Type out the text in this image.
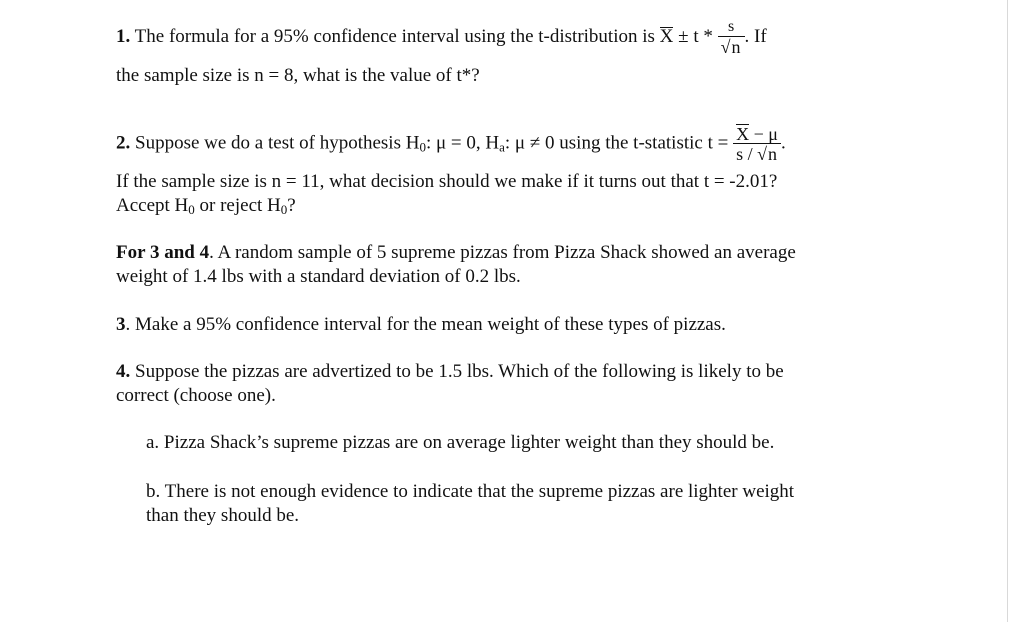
1. The formula for a 95% confidence interval using the t-distribution is $X \pm t * \frac{s}{√n}$ . If
the sample size is n = 8, what is the value of t*?
2. Suppose we do a test of hypothesis $H_0$: μ = 0, $H_a$: μ ≠ 0 using the t-statistic $t = \frac{X - \mu}{s / √n}$ .
If the sample size is n = 11, what decision should we make if it turns out that t = -2.01?
Accept $H_0$ or reject $H_0$?
For 3 and 4. A random sample of 5 supreme pizzas from Pizza Shack showed an average
weight of 1.4 lbs with a standard deviation of 0.2 lbs.
3. Make a 95% confidence interval for the mean weight of these types of pizzas.
4. Suppose the pizzas are advertized to be 1.5 lbs. Which of the following is likely to be
correct (choose one).
a. Pizza Shack’s supreme pizzas are on average lighter weight than they should be.
b. There is not enough evidence to indicate that the supreme pizzas are lighter weight
than they should be.
